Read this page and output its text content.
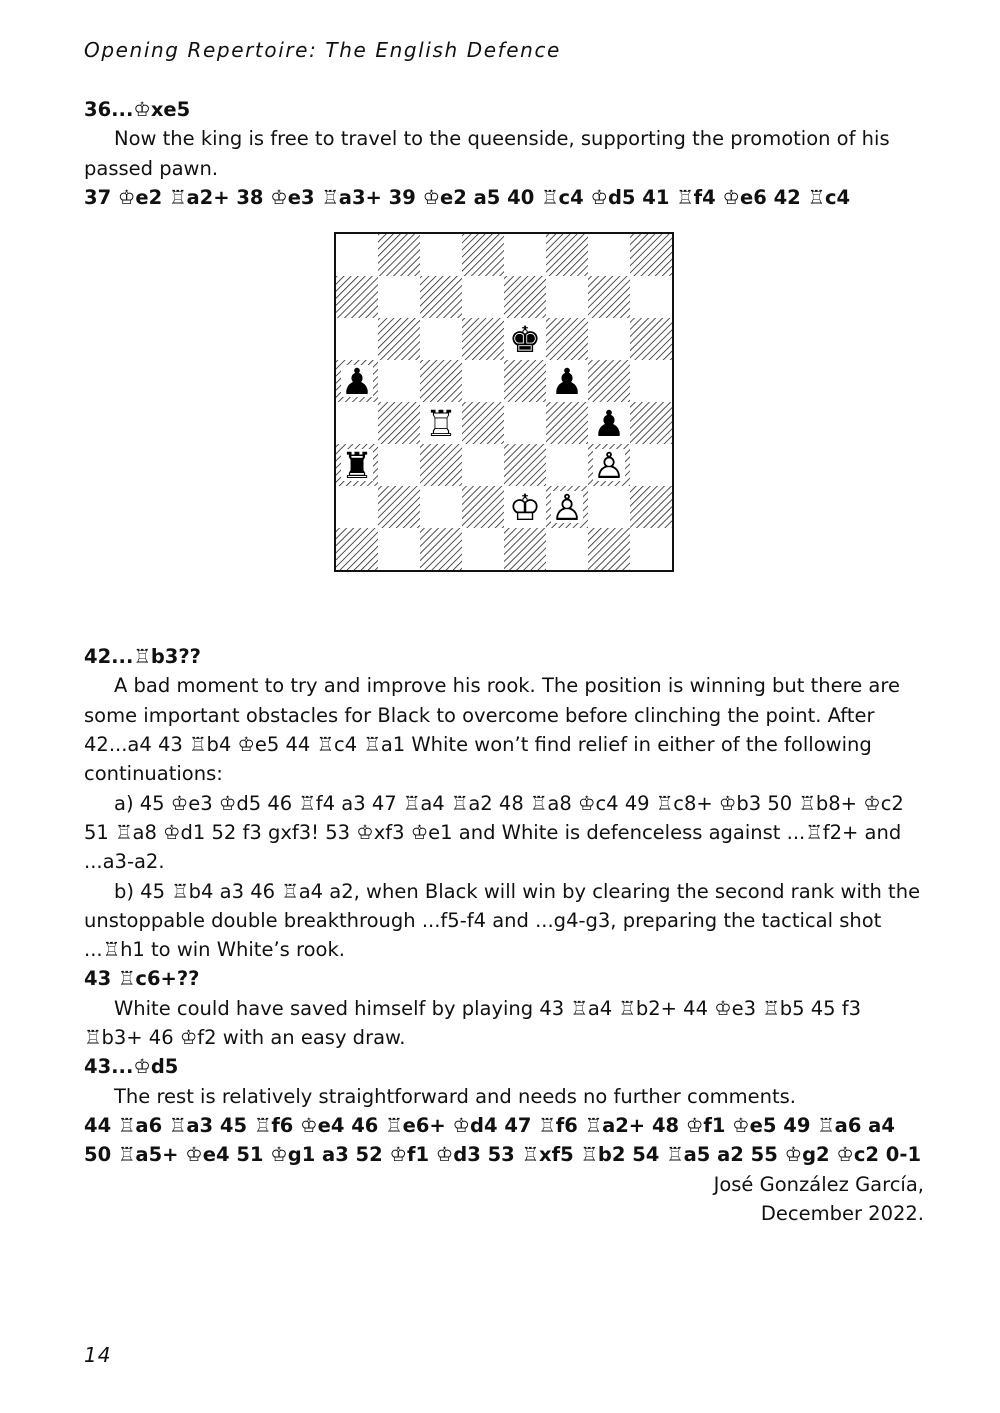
Opening Repertoire: The English Defence

36...♔xe5

Now the king is free to travel to the queenside, supporting the promotion of his passed pawn.

37 ♔e2 ♖a2+ 38 ♔e3 ♖a3+ 39 ♔e2 a5 40 ♖c4 ♔d5 41 ♖f4 ♔e6 42 ♖c4

♚
♟	♟
♖	♟
♜	♙
♔ ♙

42...♖b3??

A bad moment to try and improve his rook. The position is winning but there are some important obstacles for Black to overcome before clinching the point. After 42...a4 43 ♖b4 ♔e5 44 ♖c4 ♖a1 White won’t find relief in either of the following continuations:

a) 45 ♔e3 ♔d5 46 ♖f4 a3 47 ♖a4 ♖a2 48 ♖a8 ♔c4 49 ♖c8+ ♔b3 50 ♖b8+ ♔c2 51 ♖a8 ♔d1 52 f3 gxf3! 53 ♔xf3 ♔e1 and White is defenceless against ...♖f2+ and ...a3-a2.

b) 45 ♖b4 a3 46 ♖a4 a2, when Black will win by clearing the second rank with the unstoppable double breakthrough ...f5-f4 and ...g4-g3, preparing the tactical shot ...♖h1 to win White’s rook.

43 ♖c6+??

White could have saved himself by playing 43 ♖a4 ♖b2+ 44 ♔e3 ♖b5 45 f3 ♖b3+ 46 ♔f2 with an easy draw.

43...♔d5

The rest is relatively straightforward and needs no further comments.

44 ♖a6 ♖a3 45 ♖f6 ♔e4 46 ♖e6+ ♔d4 47 ♖f6 ♖a2+ 48 ♔f1 ♔e5 49 ♖a6 a4 50 ♖a5+ ♔e4 51 ♔g1 a3 52 ♔f1 ♔d3 53 ♖xf5 ♖b2 54 ♖a5 a2 55 ♔g2 ♔c2 0-1

José González García,

December 2022.

14
